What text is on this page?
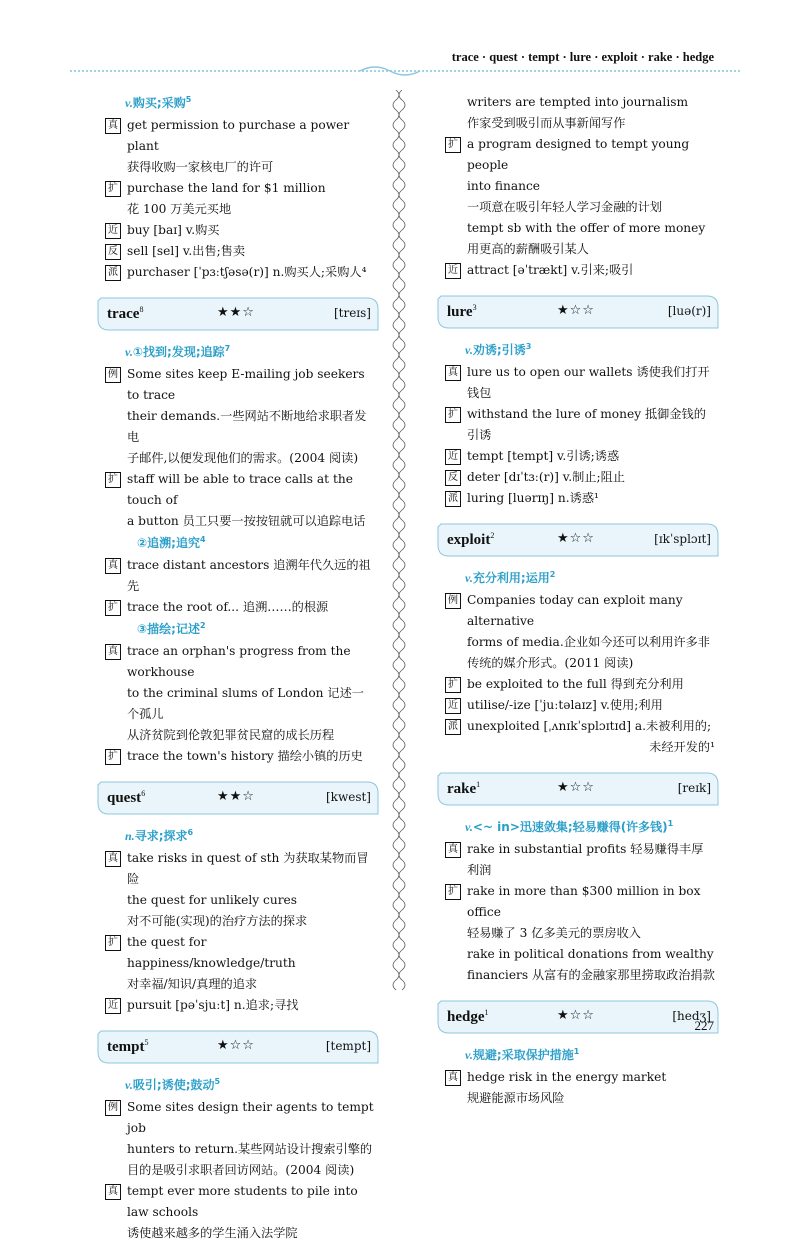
trace · quest · tempt · lure · exploit · rake · hedge
v.购买;采购$^5$
真 get permission to purchase a power plant
获得收购一家核电厂的许可
扩 purchase the land for $1 million
花 100 万美元买地
近 buy [baɪ] v.购买
反 sell [sel] v.出售;售卖
派 purchaser [ˈpɜːtʃəsə(r)] n.购买人;采购人⁴
trace$^8$	★★☆	[treɪs]
v.①找到;发现;追踪$^7$
例 Some sites keep E-mailing job seekers to trace
their demands.一些网站不断地给求职者发电
子邮件,以便发现他们的需求。(2004 阅读)
扩 staff will be able to trace calls at the touch of
a button 员工只要一按按钮就可以追踪电话
②追溯;追究$^4$
真 trace distant ancestors 追溯年代久远的祖先
扩 trace the root of... 追溯……的根源
③描绘;记述$^2$
真 trace an orphan's progress from the workhouse
to the criminal slums of London 记述一个孤儿
从济贫院到伦敦犯罪贫民窟的成长历程
扩 trace the town's history 描绘小镇的历史
quest$^6$	★★☆	[kwest]
n.寻求;探求$^6$
真 take risks in quest of sth 为获取某物而冒险
the quest for unlikely cures
对不可能(实现)的治疗方法的探求
扩 the quest for happiness/knowledge/truth
对幸福/知识/真理的追求
近 pursuit [pəˈsjuːt] n.追求;寻找
tempt$^5$	★☆☆	[tempt]
v.吸引;诱使;鼓动$^5$
例 Some sites design their agents to tempt job
hunters to return.某些网站设计搜索引擎的
目的是吸引求职者回访网站。(2004 阅读)
真 tempt ever more students to pile into law schools
诱使越来越多的学生涌入法学院
writers are tempted into journalism
作家受到吸引而从事新闻写作
扩 a program designed to tempt young people
into finance
一项意在吸引年轻人学习金融的计划
tempt sb with the offer of more money
用更高的薪酬吸引某人
近 attract [əˈtrækt] v.引来;吸引
lure$^3$	★☆☆	[luə(r)]
v.劝诱;引诱$^3$
真 lure us to open our wallets 诱使我们打开钱包
扩 withstand the lure of money 抵御金钱的引诱
近 tempt [tempt] v.引诱;诱惑
反 deter [dɪˈtɜː(r)] v.制止;阻止
派 luring [luərɪŋ] n.诱惑¹
exploit$^2$	★☆☆	[ɪkˈsplɔɪt]
v.充分利用;运用$^2$
例 Companies today can exploit many alternative
forms of media.企业如今还可以利用许多非
传统的媒介形式。(2011 阅读)
扩 be exploited to the full 得到充分利用
近 utilise/-ize [ˈjuːtəlaɪz] v.使用;利用
派 unexploited [ˌʌnɪkˈsplɔɪtɪd] a.未被利用的;
未经开发的¹
rake$^1$	★☆☆	[reɪk]
v.<~ in>迅速敛集;轻易赚得(许多钱)$^1$
真 rake in substantial profits 轻易赚得丰厚利润
扩 rake in more than $300 million in box office
轻易赚了 3 亿多美元的票房收入
rake in political donations from wealthy
financiers 从富有的金融家那里捞取政治捐款
hedge$^1$	★☆☆	[hedʒ]
v.规避;采取保护措施$^1$
真 hedge risk in the energy market
规避能源市场风险
227
